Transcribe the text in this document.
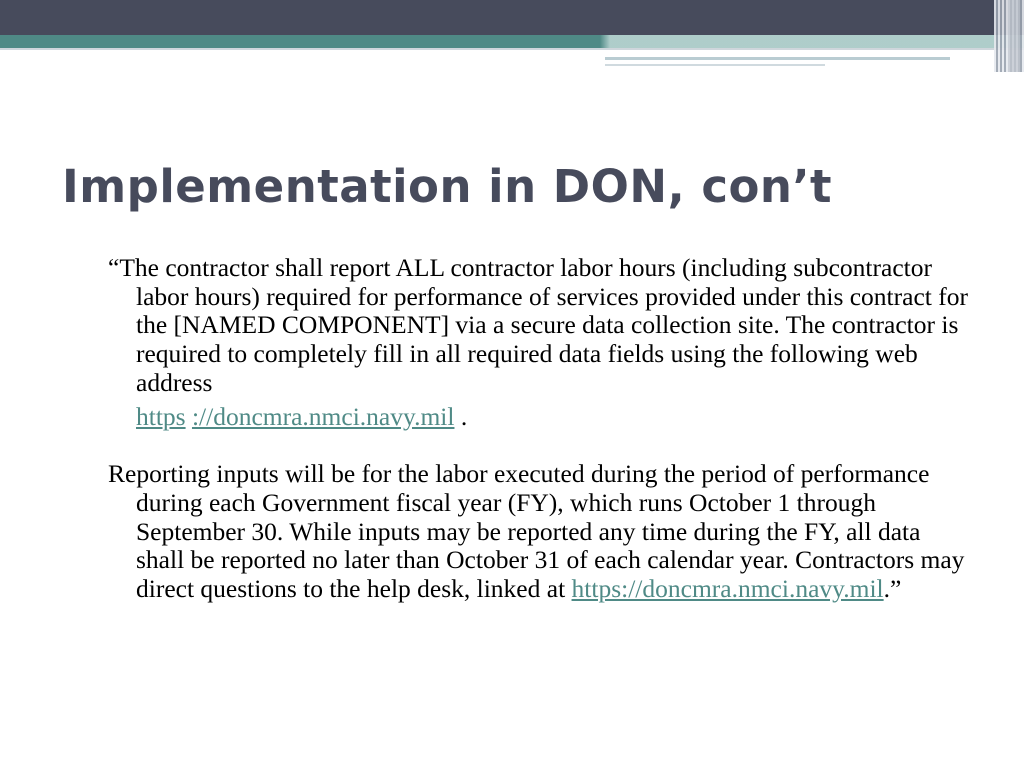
Implementation in DON, con’t

“The contractor shall report ALL contractor labor hours (including subcontractor labor hours) required for performance of services provided under this contract for the [NAMED COMPONENT] via a secure data collection site. The contractor is required to completely fill in all required data fields using the following web address
https ://doncmra.nmci.navy.mil .

Reporting inputs will be for the labor executed during the period of performance during each Government fiscal year (FY), which runs October 1 through September 30. While inputs may be reported any time during the FY, all data shall be reported no later than October 31 of each calendar year. Contractors may direct questions to the help desk, linked at https://doncmra.nmci.navy.mil.”
